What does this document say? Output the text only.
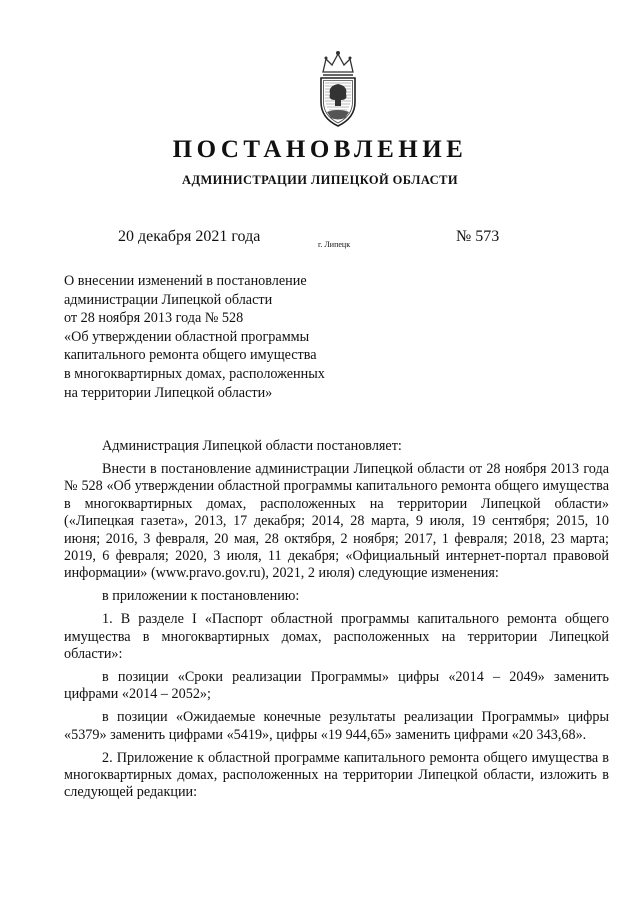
ПОСТАНОВЛЕНИЕ
АДМИНИСТРАЦИИ ЛИПЕЦКОЙ ОБЛАСТИ
20 декабря 2021 года	г. Липецк	№ 573
О внесении изменений в постановление
администрации Липецкой области
от 28 ноября 2013 года № 528
«Об утверждении областной программы
капитального ремонта общего имущества
в многоквартирных домах, расположенных
на территории Липецкой области»

Администрация Липецкой области постановляет:

Внести в постановление администрации Липецкой области от 28 ноября 2013 года № 528 «Об утверждении областной программы капитального ремонта общего имущества в многоквартирных домах, расположенных на территории Липецкой области» («Липецкая газета», 2013, 17 декабря; 2014, 28 марта, 9 июля, 19 сентября; 2015, 10 июня; 2016, 3 февраля, 20 мая, 28 октября, 2 ноября; 2017, 1 февраля; 2018, 23 марта; 2019, 6 февраля; 2020, 3 июля, 11 декабря; «Официальный интернет-портал правовой информации» (www.pravo.gov.ru), 2021, 2 июля) следующие изменения:

в приложении к постановлению:

1. В разделе I «Паспорт областной программы капитального ремонта общего имущества в многоквартирных домах, расположенных на территории Липецкой области»:

в позиции «Сроки реализации Программы» цифры «2014 – 2049» заменить цифрами «2014 – 2052»;

в позиции «Ожидаемые конечные результаты реализации Программы» цифры «5379» заменить цифрами «5419», цифры «19 944,65» заменить цифрами «20 343,68».

2. Приложение к областной программе капитального ремонта общего имущества в многоквартирных домах, расположенных на территории Липецкой области, изложить в следующей редакции:
